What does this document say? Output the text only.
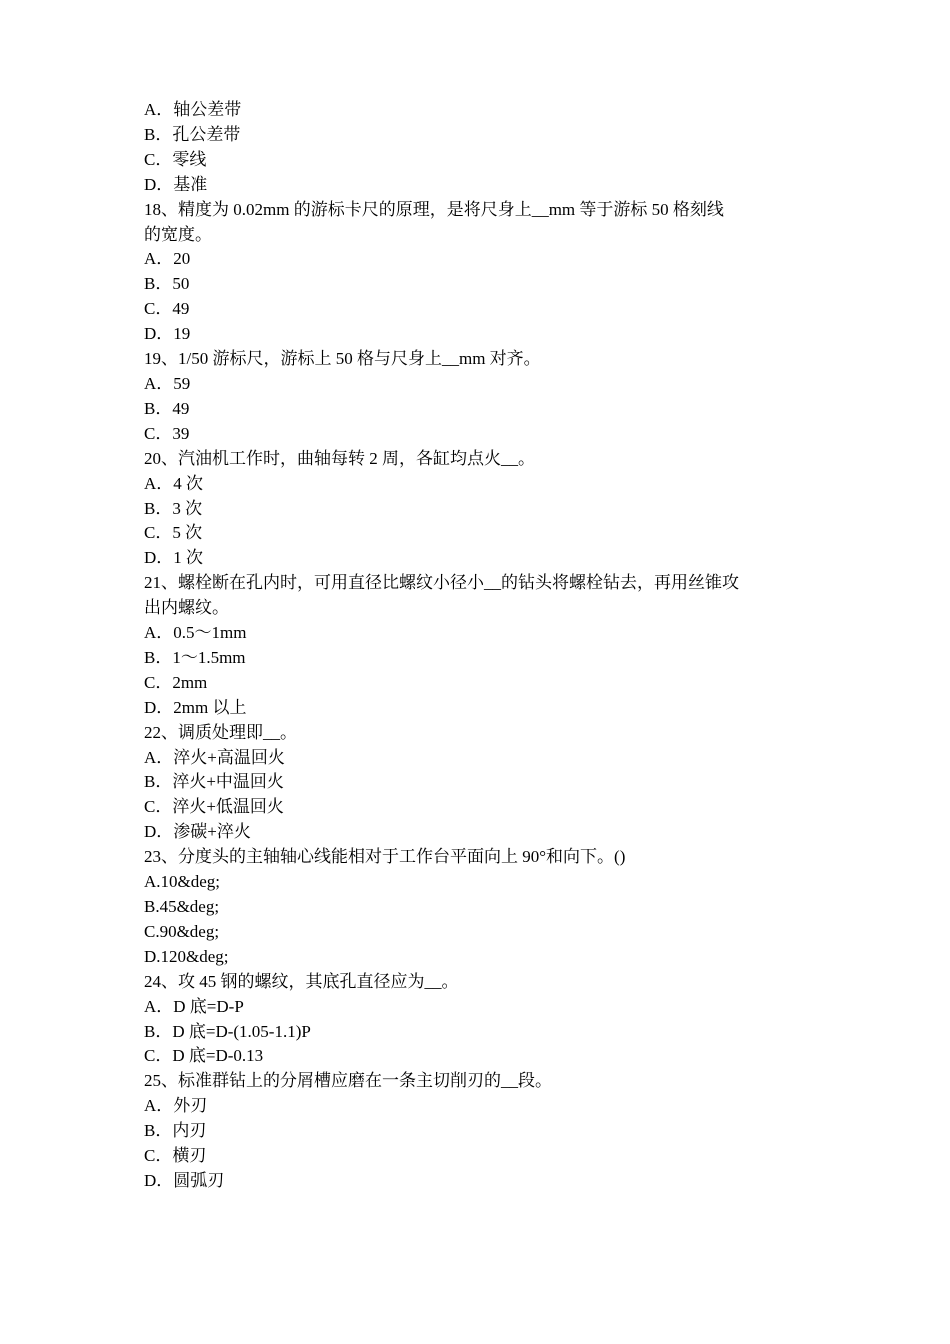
A．轴公差带

B．孔公差带

C．零线

D．基准

18、精度为 0.02mm 的游标卡尺的原理，是将尺身上__mm 等于游标 50 格刻线

的宽度。

A．20

B．50

C．49

D．19

19、1/50 游标尺，游标上 50 格与尺身上__mm 对齐。

A．59

B．49

C．39

20、汽油机工作时，曲轴每转 2 周，各缸均点火__。

A．4 次

B．3 次

C．5 次

D．1 次

21、螺栓断在孔内时，可用直径比螺纹小径小__的钻头将螺栓钻去，再用丝锥攻

出内螺纹。

A．0.5～1mm

B．1～1.5mm

C．2mm

D．2mm 以上

22、调质处理即__。

A．淬火+高温回火

B．淬火+中温回火

C．淬火+低温回火

D．渗碳+淬火

23、分度头的主轴轴心线能相对于工作台平面向上 90°和向下。()

A.10&deg;

B.45&deg;

C.90&deg;

D.120&deg;

24、攻 45 钢的螺纹，其底孔直径应为__。

A．D 底=D-P

B．D 底=D-(1.05-1.1)P

C．D 底=D-0.13

25、标准群钻上的分屑槽应磨在一条主切削刃的__段。

A．外刃

B．内刃

C．横刃

D．圆弧刃
